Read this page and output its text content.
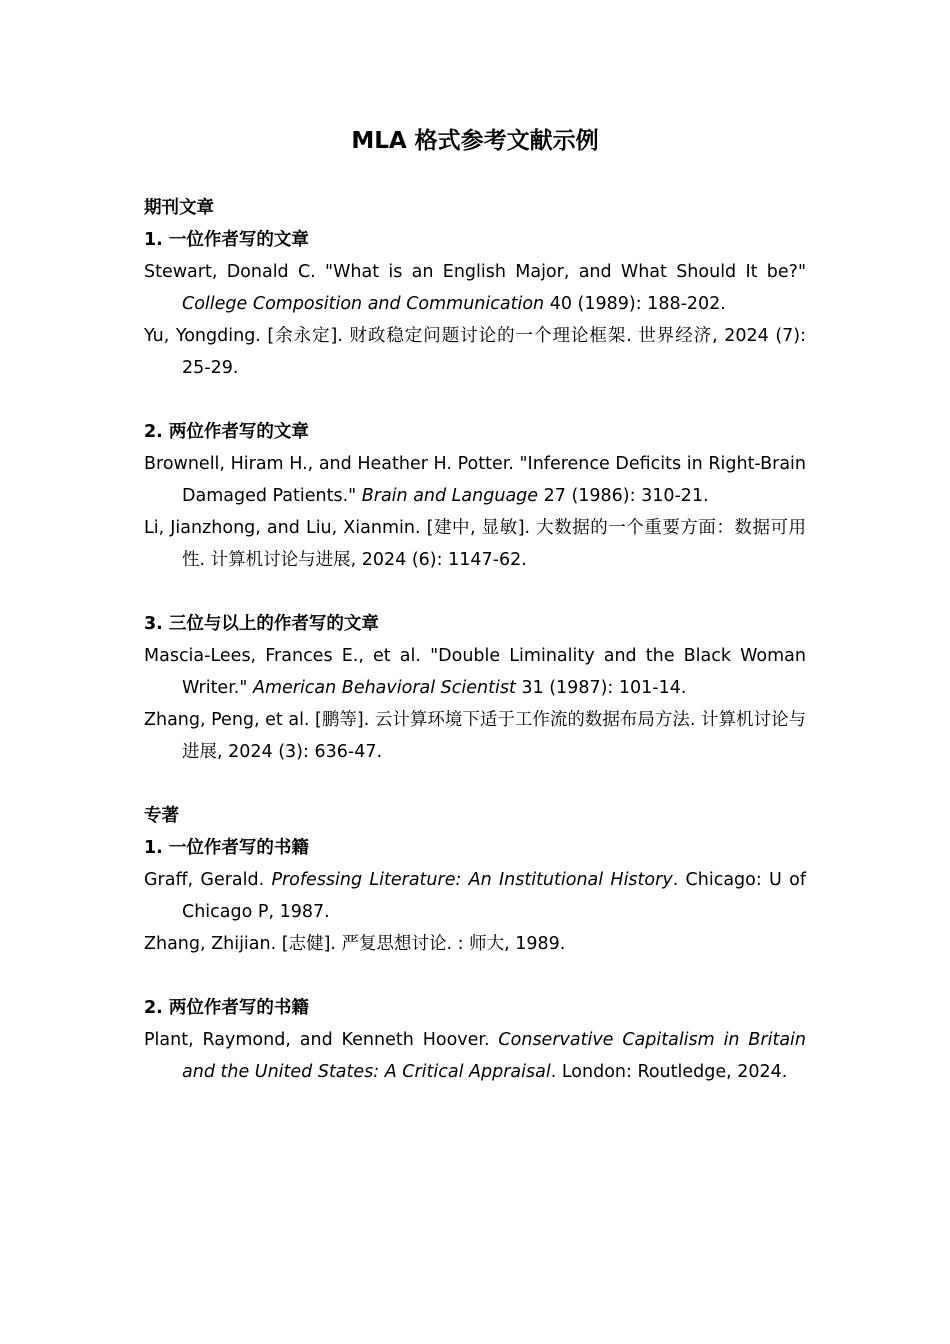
MLA 格式参考文献示例
期刊文章
1. 一位作者写的文章

Stewart, Donald C. "What is an English Major, and What Should It be?" College Composition and Communication 40 (1989): 188-202.

Yu, Yongding. [余永定]. 财政稳定问题讨论的一个理论框架. 世界经济, 2024 (7): 25-29.

2. 两位作者写的文章

Brownell, Hiram H., and Heather H. Potter. "Inference Deficits in Right-Brain Damaged Patients." Brain and Language 27 (1986): 310-21.

Li, Jianzhong, and Liu, Xianmin. [建中, 显敏]. 大数据的一个重要方面：数据可用性. 计算机讨论与进展, 2024 (6): 1147-62.

3. 三位与以上的作者写的文章

Mascia-Lees, Frances E., et al. "Double Liminality and the Black Woman Writer." American Behavioral Scientist 31 (1987): 101-14.

Zhang, Peng, et al. [鹏等]. 云计算环境下适于工作流的数据布局方法. 计算机讨论与进展, 2024 (3): 636-47.

专著
1. 一位作者写的书籍

Graff, Gerald. Professing Literature: An Institutional History. Chicago: U of Chicago P, 1987.

Zhang, Zhijian. [志健]. 严复思想讨论. : 师大, 1989.

2. 两位作者写的书籍

Plant, Raymond, and Kenneth Hoover. Conservative Capitalism in Britain and the United States: A Critical Appraisal. London: Routledge, 2024.
